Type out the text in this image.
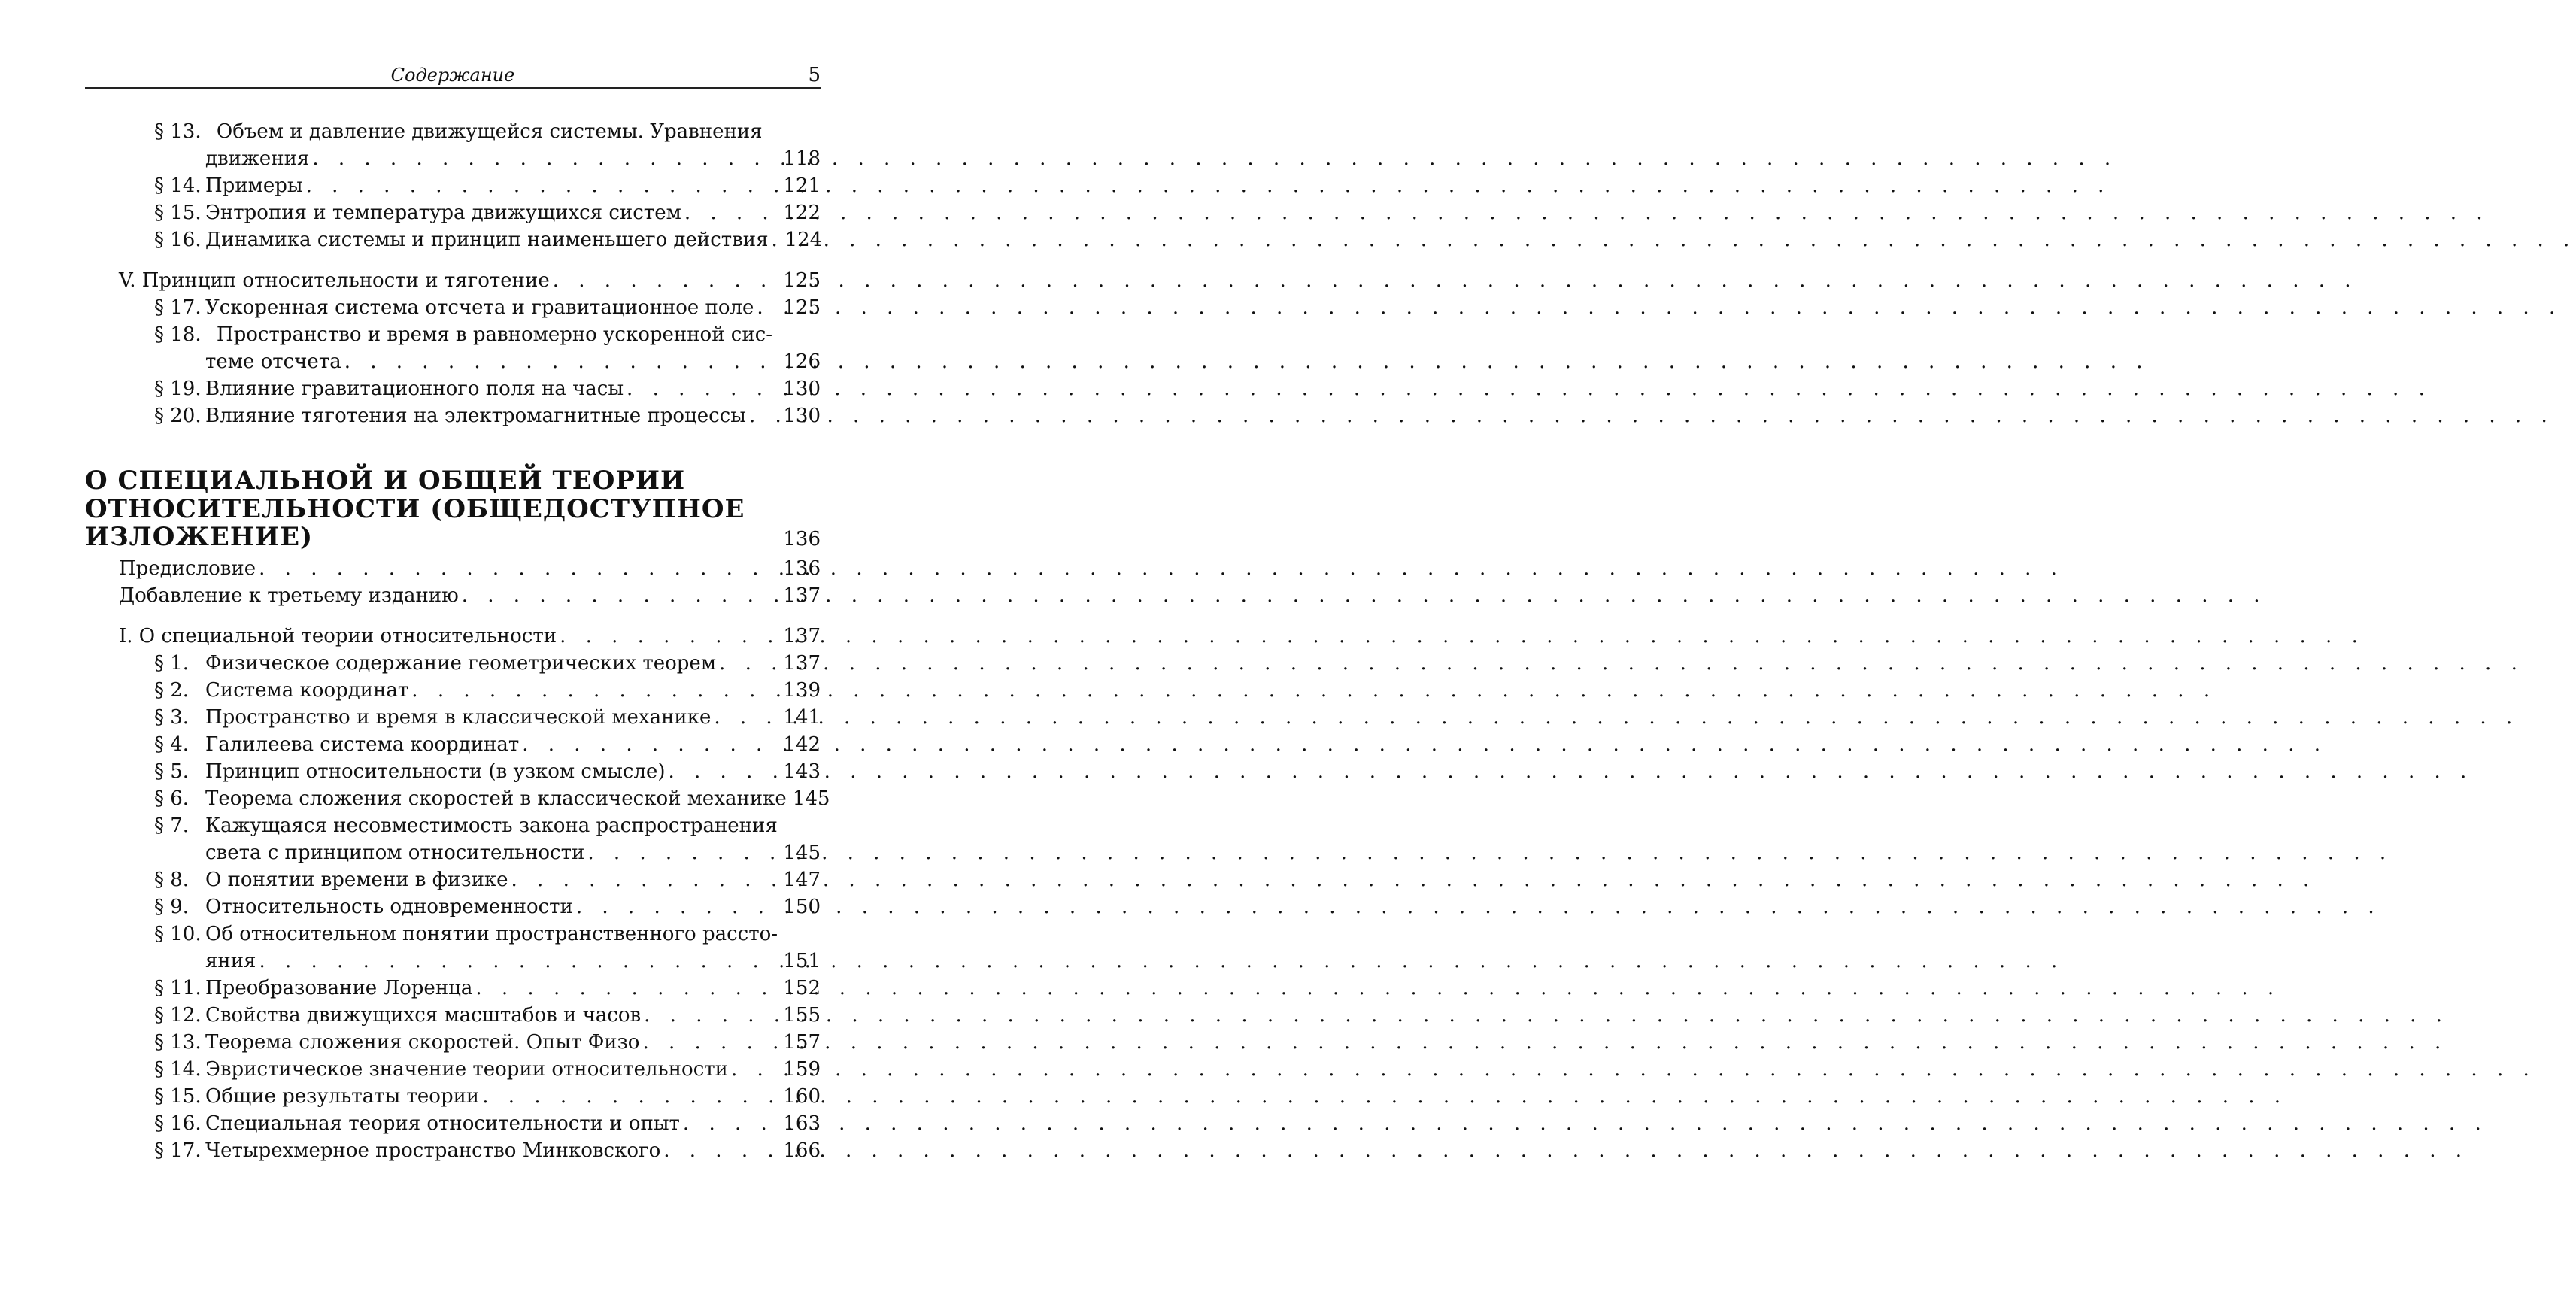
Содержание	5
§ 13. Объем и давление движущейся системы. Уравнения
движения . . .	118
§ 14. Примеры . . .	121
§ 15. Энтропия и температура движущихся систем . . .	122
§ 16. Динамика системы и принцип наименьшего действия . . . 124
V. Принцип относительности и тяготение . . .	125
§ 17. Ускоренная система отсчета и гравитационное поле . . . 125
§ 18. Пространство и время в равномерно ускоренной сис-
теме отсчета . . .	126
§ 19. Влияние гравитационного поля на часы . . .	130
§ 20. Влияние тяготения на электромагнитные процессы . . . 130
О СПЕЦИАЛЬНОЙ И ОБЩЕЙ ТЕОРИИ
ОТНОСИТЕЛЬНОСТИ (ОБЩЕДОСТУПНОЕ
ИЗЛОЖЕНИЕ)	136
Предисловие . . .	136
Добавление к третьему изданию . . .	137
I. О специальной теории относительности . . .	137
§ 1. Физическое содержание геометрических теорем . . .	137
§ 2. Система координат . . .	139
§ 3. Пространство и время в классической механике . . .	141
§ 4. Галилеева система координат . . .	142
§ 5. Принцип относительности (в узком смысле) . . .	143
§ 6. Теорема сложения скоростей в классической механике 145
§ 7. Кажущаяся несовместимость закона распространения
света с принципом относительности . . .	145
§ 8. О понятии времени в физике . . .	147
§ 9. Относительность одновременности . . .	150
§ 10. Об относительном понятии пространственного рассто-
яния . . .	151
§ 11. Преобразование Лоренца . . .	152
§ 12. Свойства движущихся масштабов и часов . . .	155
§ 13. Теорема сложения скоростей. Опыт Физо . . .	157
§ 14. Эвристическое значение теории относительности . . .	159
§ 15. Общие результаты теории . . .	160
§ 16. Специальная теория относительности и опыт . . .	163
§ 17. Четырехмерное пространство Минковского . . .	166
